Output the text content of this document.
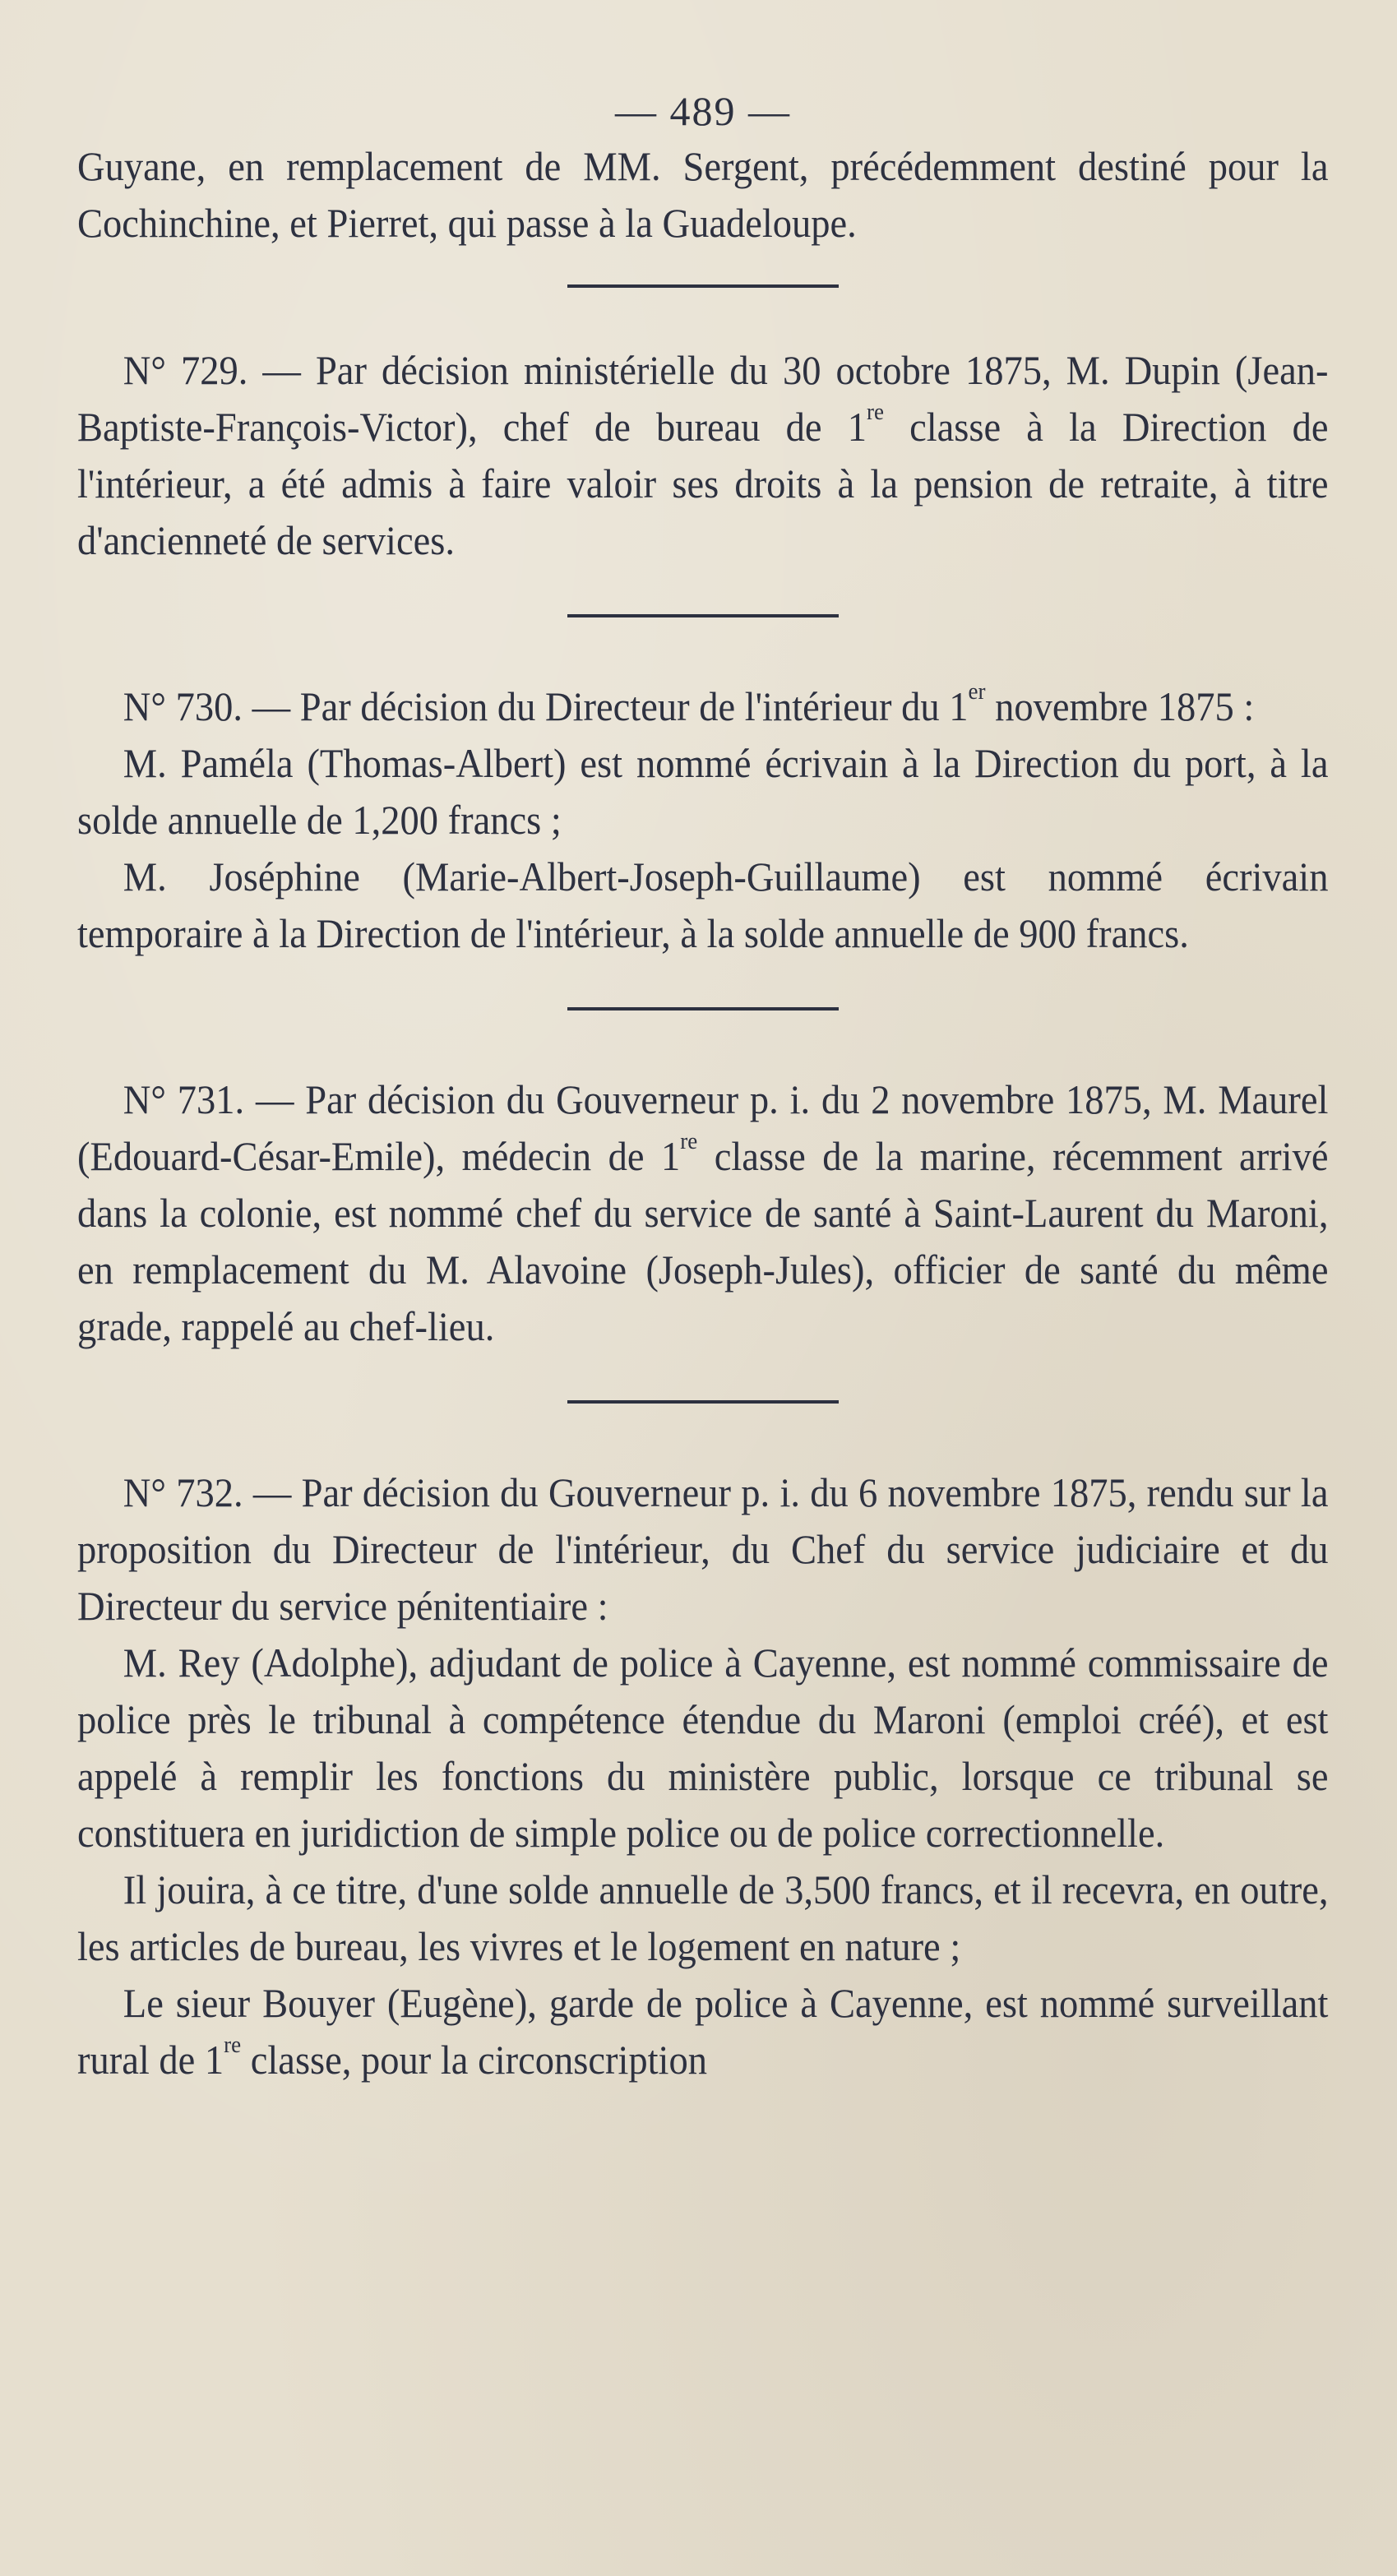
— 489 —

Guyane, en remplacement de MM. Sergent, précédemment destiné pour la Cochinchine, et Pierret, qui passe à la Guadeloupe.

N° 729. — Par décision ministérielle du 30 octobre 1875, M. Dupin (Jean-Baptiste-François-Victor), chef de bureau de 1re classe à la Direction de l'intérieur, a été admis à faire valoir ses droits à la pension de retraite, à titre d'ancienneté de services.

N° 730. — Par décision du Directeur de l'intérieur du 1er novembre 1875 :

M. Paméla (Thomas-Albert) est nommé écrivain à la Direction du port, à la solde annuelle de 1,200 francs ;

M. Joséphine (Marie-Albert-Joseph-Guillaume) est nommé écrivain temporaire à la Direction de l'intérieur, à la solde annuelle de 900 francs.

N° 731. — Par décision du Gouverneur p. i. du 2 novembre 1875, M. Maurel (Edouard-César-Emile), médecin de 1re classe de la marine, récemment arrivé dans la colonie, est nommé chef du service de santé à Saint-Laurent du Maroni, en remplacement du M. Alavoine (Joseph-Jules), officier de santé du même grade, rappelé au chef-lieu.

N° 732. — Par décision du Gouverneur p. i. du 6 novembre 1875, rendu sur la proposition du Directeur de l'intérieur, du Chef du service judiciaire et du Directeur du service pénitentiaire :

M. Rey (Adolphe), adjudant de police à Cayenne, est nommé commissaire de police près le tribunal à compétence étendue du Maroni (emploi créé), et est appelé à remplir les fonctions du ministère public, lorsque ce tribunal se constituera en juridiction de simple police ou de police correctionnelle.

Il jouira, à ce titre, d'une solde annuelle de 3,500 francs, et il recevra, en outre, les articles de bureau, les vivres et le logement en nature ;

Le sieur Bouyer (Eugène), garde de police à Cayenne, est nommé surveillant rural de 1re classe, pour la circonscription
